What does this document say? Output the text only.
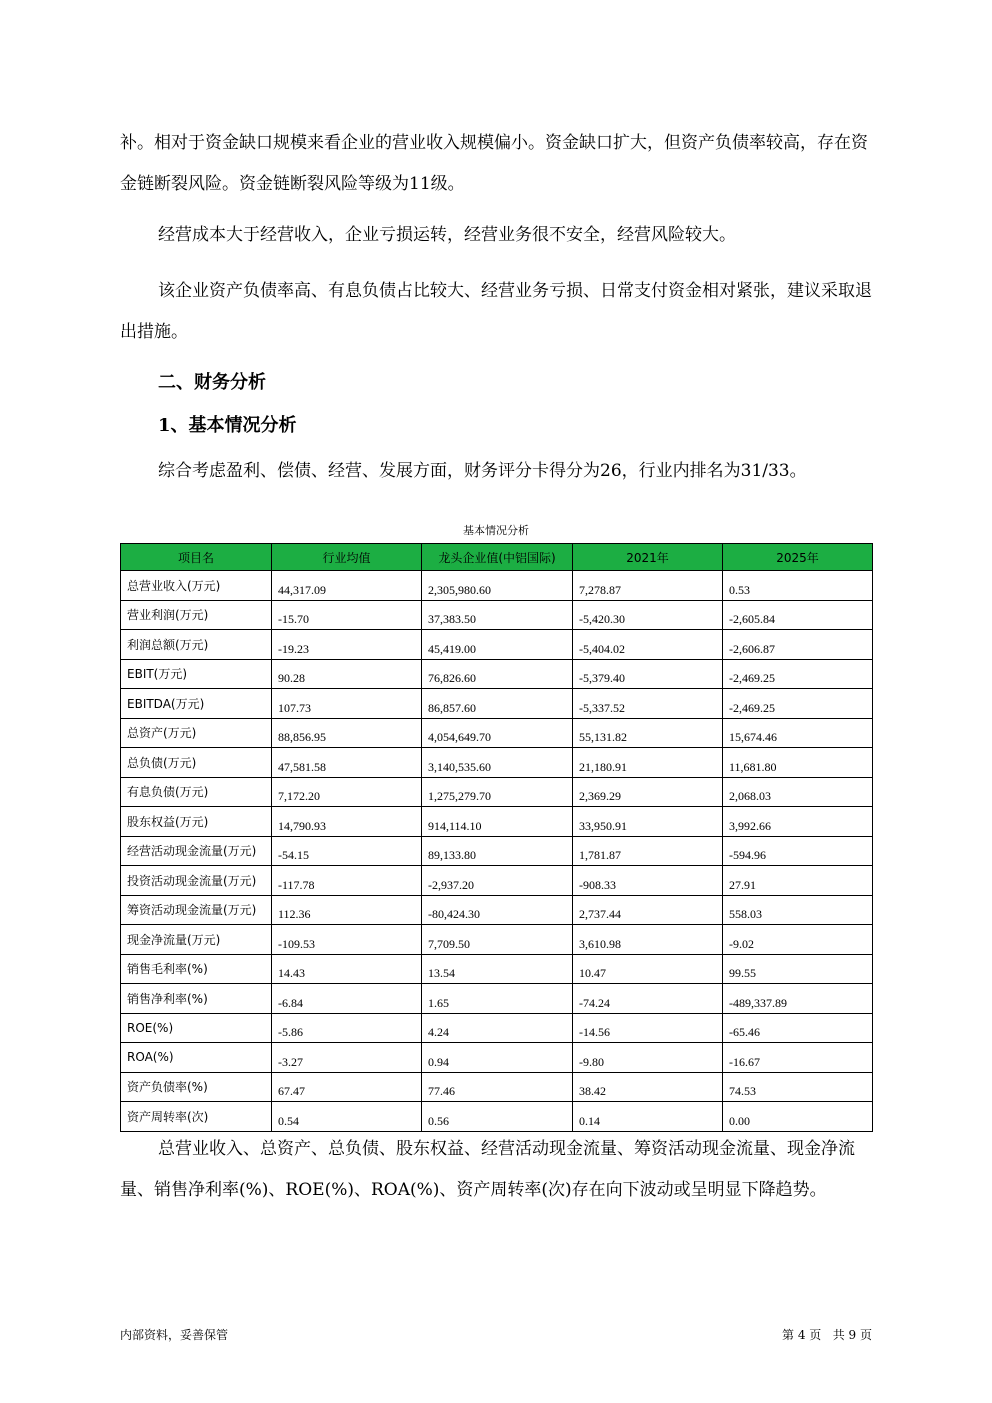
补。相对于资金缺口规模来看企业的营业收入规模偏小。资金缺口扩大，但资产负债率较高，存在资金链断裂风险。资金链断裂风险等级为11级。

经营成本大于经营收入，企业亏损运转，经营业务很不安全，经营风险较大。

该企业资产负债率高、有息负债占比较大、经营业务亏损、日常支付资金相对紧张，建议采取退出措施。

二、财务分析
1、基本情况分析

综合考虑盈利、偿债、经营、发展方面，财务评分卡得分为26，行业内排名为31/33。

基本情况分析
项目名	行业均值	龙头企业值(中铝国际)	2021年	2025年
总营业收入(万元)	44,317.09	2,305,980.60	7,278.87	0.53
营业利润(万元)	-15.70	37,383.50	-5,420.30	-2,605.84
利润总额(万元)	-19.23	45,419.00	-5,404.02	-2,606.87
EBIT(万元)	90.28	76,826.60	-5,379.40	-2,469.25
EBITDA(万元)	107.73	86,857.60	-5,337.52	-2,469.25
总资产(万元)	88,856.95	4,054,649.70	55,131.82	15,674.46
总负债(万元)	47,581.58	3,140,535.60	21,180.91	11,681.80
有息负债(万元)	7,172.20	1,275,279.70	2,369.29	2,068.03
股东权益(万元)	14,790.93	914,114.10	33,950.91	3,992.66
经营活动现金流量(万元)	-54.15	89,133.80	1,781.87	-594.96
投资活动现金流量(万元)	-117.78	-2,937.20	-908.33	27.91
筹资活动现金流量(万元)	112.36	-80,424.30	2,737.44	558.03
现金净流量(万元)	-109.53	7,709.50	3,610.98	-9.02
销售毛利率(%)	14.43	13.54	10.47	99.55
销售净利率(%)	-6.84	1.65	-74.24	-489,337.89
ROE(%)	-5.86	4.24	-14.56	-65.46
ROA(%)	-3.27	0.94	-9.80	-16.67
资产负债率(%)	67.47	77.46	38.42	74.53
资产周转率(次)	0.54	0.56	0.14	0.00

总营业收入、总资产、总负债、股东权益、经营活动现金流量、筹资活动现金流量、现金净流量、销售净利率(%)、ROE(%)、ROA(%)、资产周转率(次)存在向下波动或呈明显下降趋势。

内部资料，妥善保管	第 4 页   共 9 页
